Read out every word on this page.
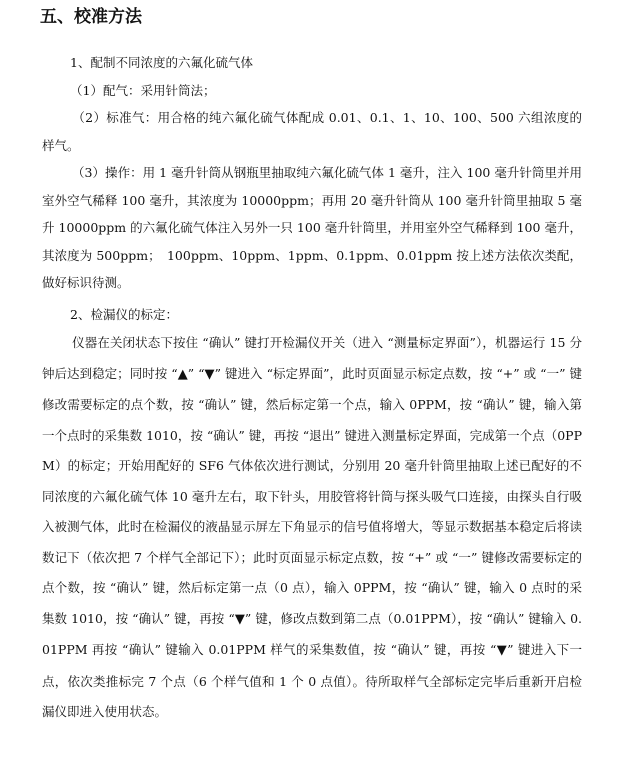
五、校准方法
1、配制不同浓度的六氟化硫气体
（1）配气：采用针筒法；
（2）标准气：用合格的纯六氟化硫气体配成 0.01、0.1、1、10、100、500 六组浓度的样气。
（3）操作：用 1 毫升针筒从钢瓶里抽取纯六氟化硫气体 1 毫升，注入 100 毫升针筒里并用室外空气稀释 100 毫升，其浓度为 10000ppm；再用 20 毫升针筒从 100 毫升针筒里抽取 5 毫升 10000ppm 的六氟化硫气体注入另外一只 100 毫升针筒里，并用室外空气稀释到 100 毫升，其浓度为 500ppm；　100ppm、10ppm、1ppm、0.1ppm、0.01ppm 按上述方法依次类配，做好标识待测。
2、检漏仪的标定：
仪器在关闭状态下按住 “确认” 键打开检漏仪开关（进入 “测量标定界面”），机器运行 15 分钟后达到稳定；同时按 “▲” “▼” 键进入 “标定界面”，此时页面显示标定点数，按 “+” 或 “一” 键修改需要标定的点个数，按 “确认” 键，然后标定第一个点，输入 0PPM，按 “确认” 键，输入第一个点时的采集数 1010，按 “确认” 键，再按 “退出” 键进入测量标定界面，完成第一个点（0PPM）的标定；开始用配好的 SF6 气体依次进行测试，分别用 20 毫升针筒里抽取上述已配好的不同浓度的六氟化硫气体 10 毫升左右，取下针头，用胶管将针筒与探头吸气口连接，由探头自行吸入被测气体，此时在检漏仪的液晶显示屏左下角显示的信号值将增大，等显示数据基本稳定后将读数记下（依次把 7 个样气全部记下）；此时页面显示标定点数，按 “+” 或 “一” 键修改需要标定的点个数，按 “确认” 键，然后标定第一点（0 点），输入 0PPM，按 “确认” 键，输入 0 点时的采集数 1010，按 “确认” 键，再按 “▼” 键，修改点数到第二点（0.01PPM），按 “确认” 键输入 0.01PPM 再按 “确认” 键输入 0.01PPM 样气的采集数值，按 “确认” 键，再按 “▼” 键进入下一点，依次类推标完 7 个点（6 个样气值和 1 个 0 点值）。待所取样气全部标定完毕后重新开启检漏仪即进入使用状态。
